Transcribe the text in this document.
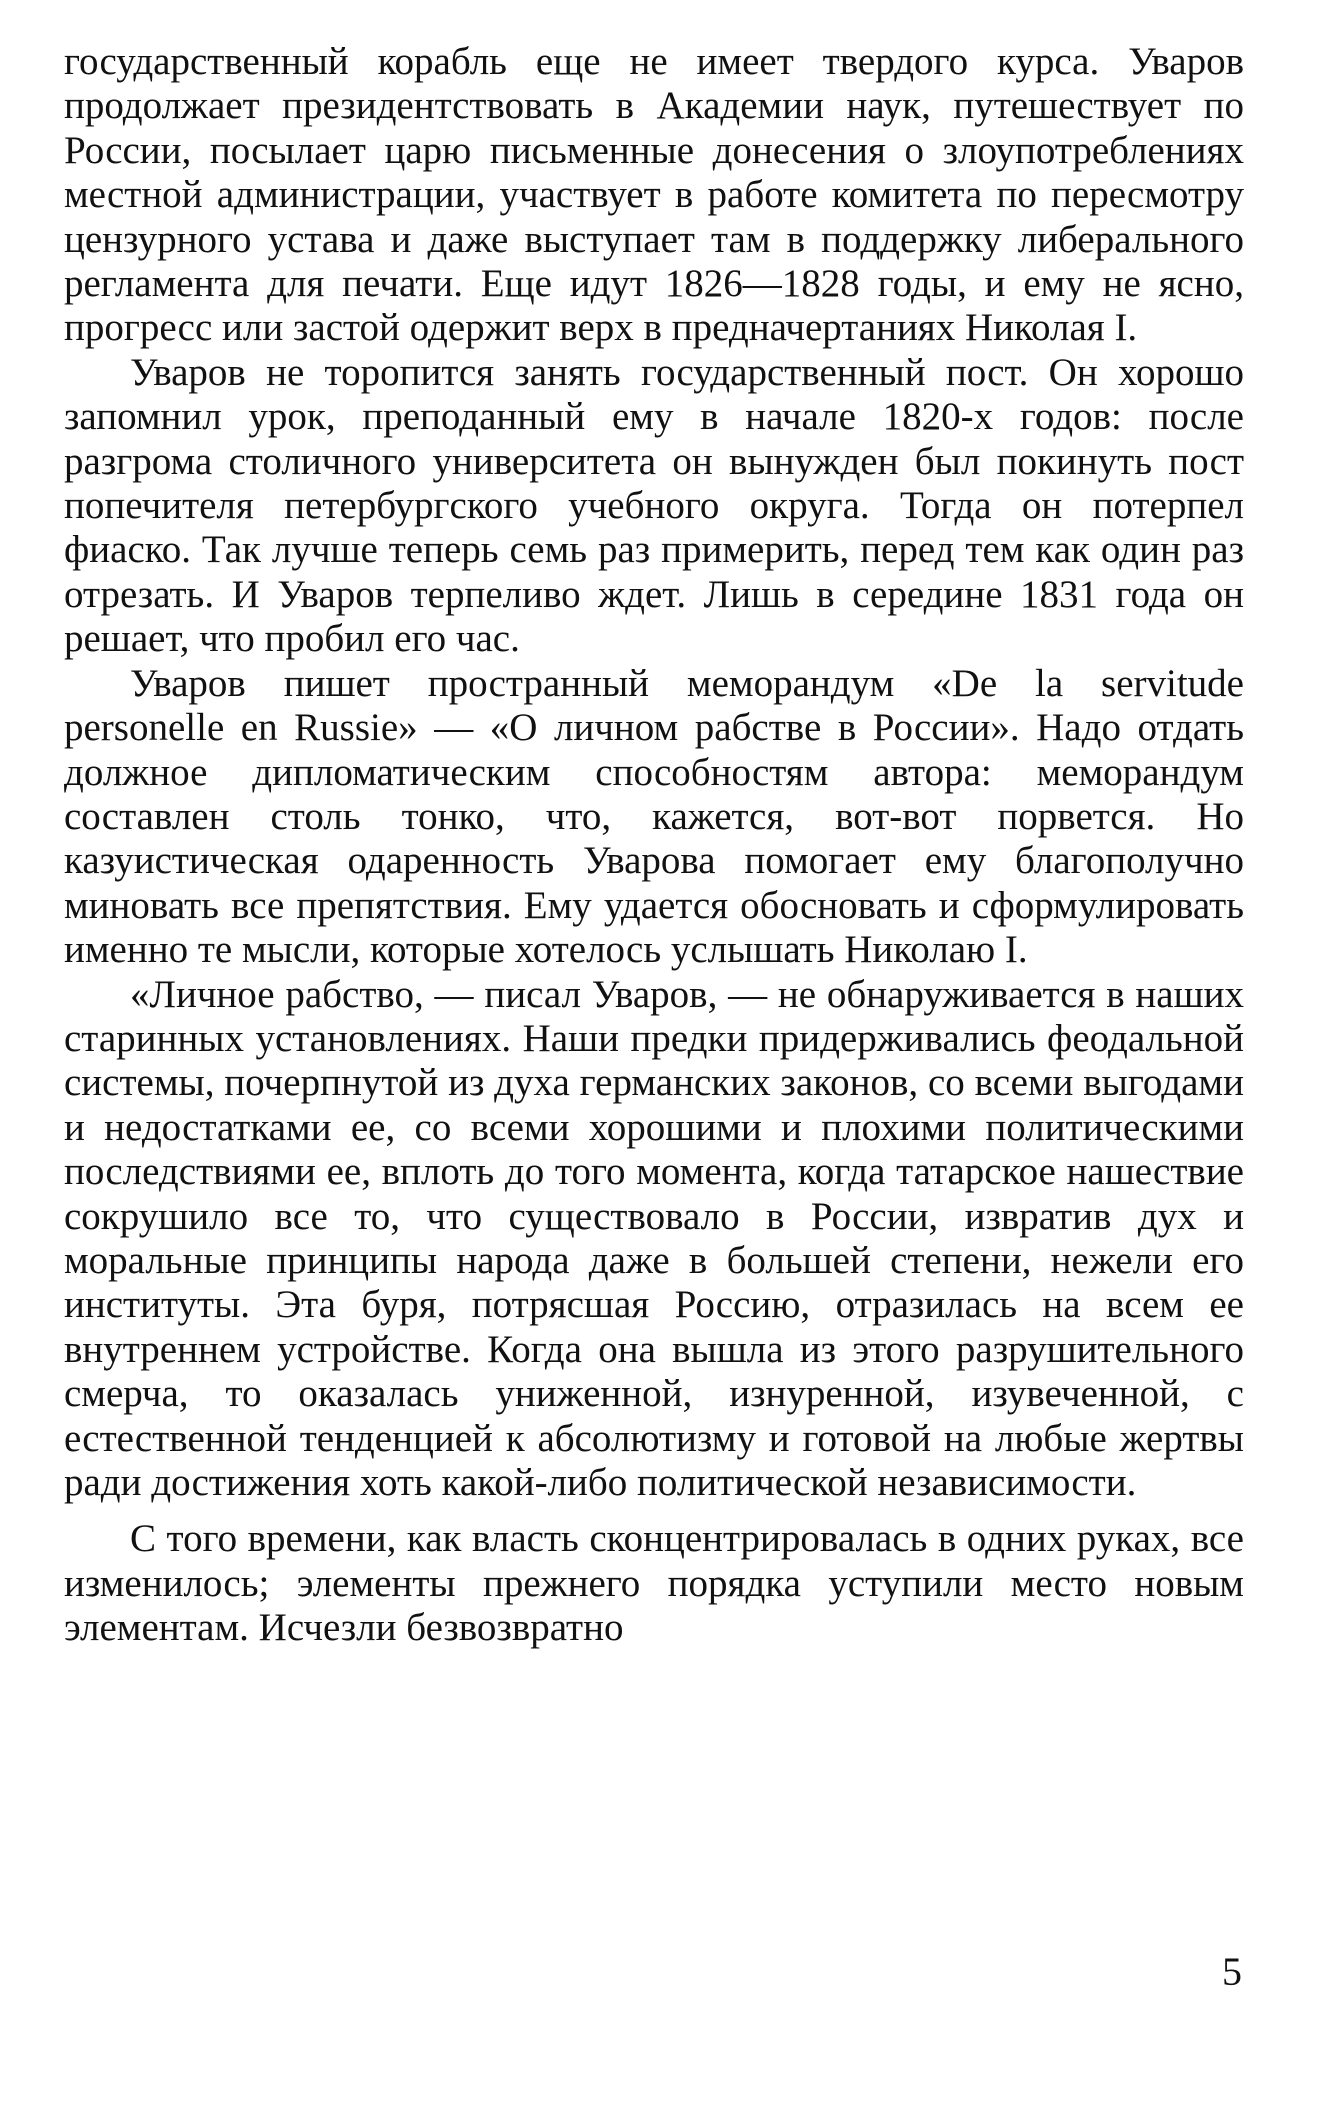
государственный корабль еще не имеет твердого курса. Уваров продолжает президентствовать в Академии наук, путешествует по России, посылает царю письменные донесения о злоупотреблениях местной администрации, участвует в работе комитета по пересмотру цензурного устава и даже выступает там в поддержку либерального регламента для печати. Еще идут 1826—1828 годы, и ему не ясно, прогресс или застой одержит верх в предначертаниях Николая I.

Уваров не торопится занять государственный пост. Он хорошо запомнил урок, преподанный ему в начале 1820-х годов: после разгрома столичного университета он вынужден был покинуть пост попечителя петербургского учебного округа. Тогда он потерпел фиаско. Так лучше теперь семь раз примерить, перед тем как один раз отрезать. И Уваров терпеливо ждет. Лишь в середине 1831 года он решает, что пробил его час.

Уваров пишет пространный меморандум «De la servitude personelle en Russie» — «О личном рабстве в России». Надо отдать должное дипломатическим способностям автора: меморандум составлен столь тонко, что, кажется, вот-вот порвется. Но казуистическая одаренность Уварова помогает ему благополучно миновать все препятствия. Ему удается обосновать и сформулировать именно те мысли, которые хотелось услышать Николаю I.

«Личное рабство, — писал Уваров, — не обнаруживается в наших старинных установлениях. Наши предки придерживались феодальной системы, почерпнутой из духа германских законов, со всеми выгодами и недостатками ее, со всеми хорошими и плохими политическими последствиями ее, вплоть до того момента, когда татарское нашествие сокрушило все то, что существовало в России, извратив дух и моральные принципы народа даже в большей степени, нежели его институты. Эта буря, потрясшая Россию, отразилась на всем ее внутреннем устройстве. Когда она вышла из этого разрушительного смерча, то оказалась униженной, изнуренной, изувеченной, с естественной тенденцией к абсолютизму и готовой на любые жертвы ради достижения хоть какой-либо политической независимости.

С того времени, как власть сконцентрировалась в одних руках, все изменилось; элементы прежнего порядка уступили место новым элементам. Исчезли безвозвратно

5
